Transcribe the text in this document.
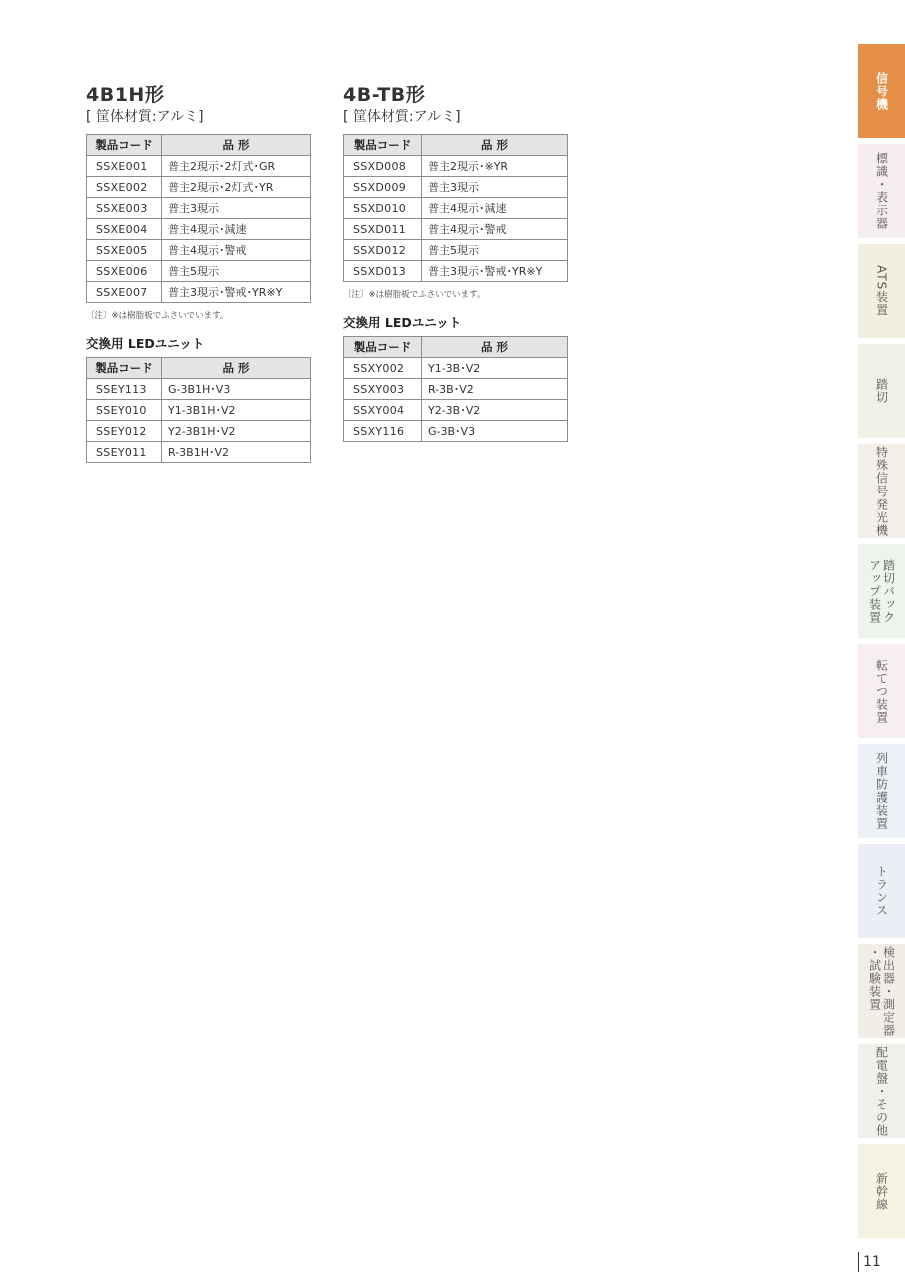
4B1H形
[ 筐体材質:アルミ]
製品コード	品 形

SSXE001	普主2現示･2灯式･GR
SSXE002	普主2現示･2灯式･YR
SSXE003	普主3現示
SSXE004	普主4現示･減速
SSXE005	普主4現示･警戒
SSXE006	普主5現示
SSXE007	普主3現示･警戒･YR※Y
〔注〕※は樹脂板でふさいでいます。
交換用 LEDユニット
製品コード	品 形

SSEY113	G-3B1H･V3
SSEY010	Y1-3B1H･V2
SSEY012	Y2-3B1H･V2
SSEY011	R-3B1H･V2
4B-TB形
[ 筐体材質:アルミ]
製品コード	品 形

SSXD008	普主2現示･※YR
SSXD009	普主3現示
SSXD010	普主4現示･減速
SSXD011	普主4現示･警戒
SSXD012	普主5現示
SSXD013	普主3現示･警戒･YR※Y
〔注〕※は樹脂板でふさいでいます。
交換用 LEDユニット
製品コード	品 形

SSXY002	Y1-3B･V2
SSXY003	R-3B･V2
SSXY004	Y2-3B･V2
SSXY116	G-3B･V3
信号機
標識・表示器
ATS装置
踏切
特殊信号発光機
踏切バック
アップ装置
転てつ装置
列車防護装置
トランス
検出器・測定器
・試験装置
配電盤・その他
新幹線
11
